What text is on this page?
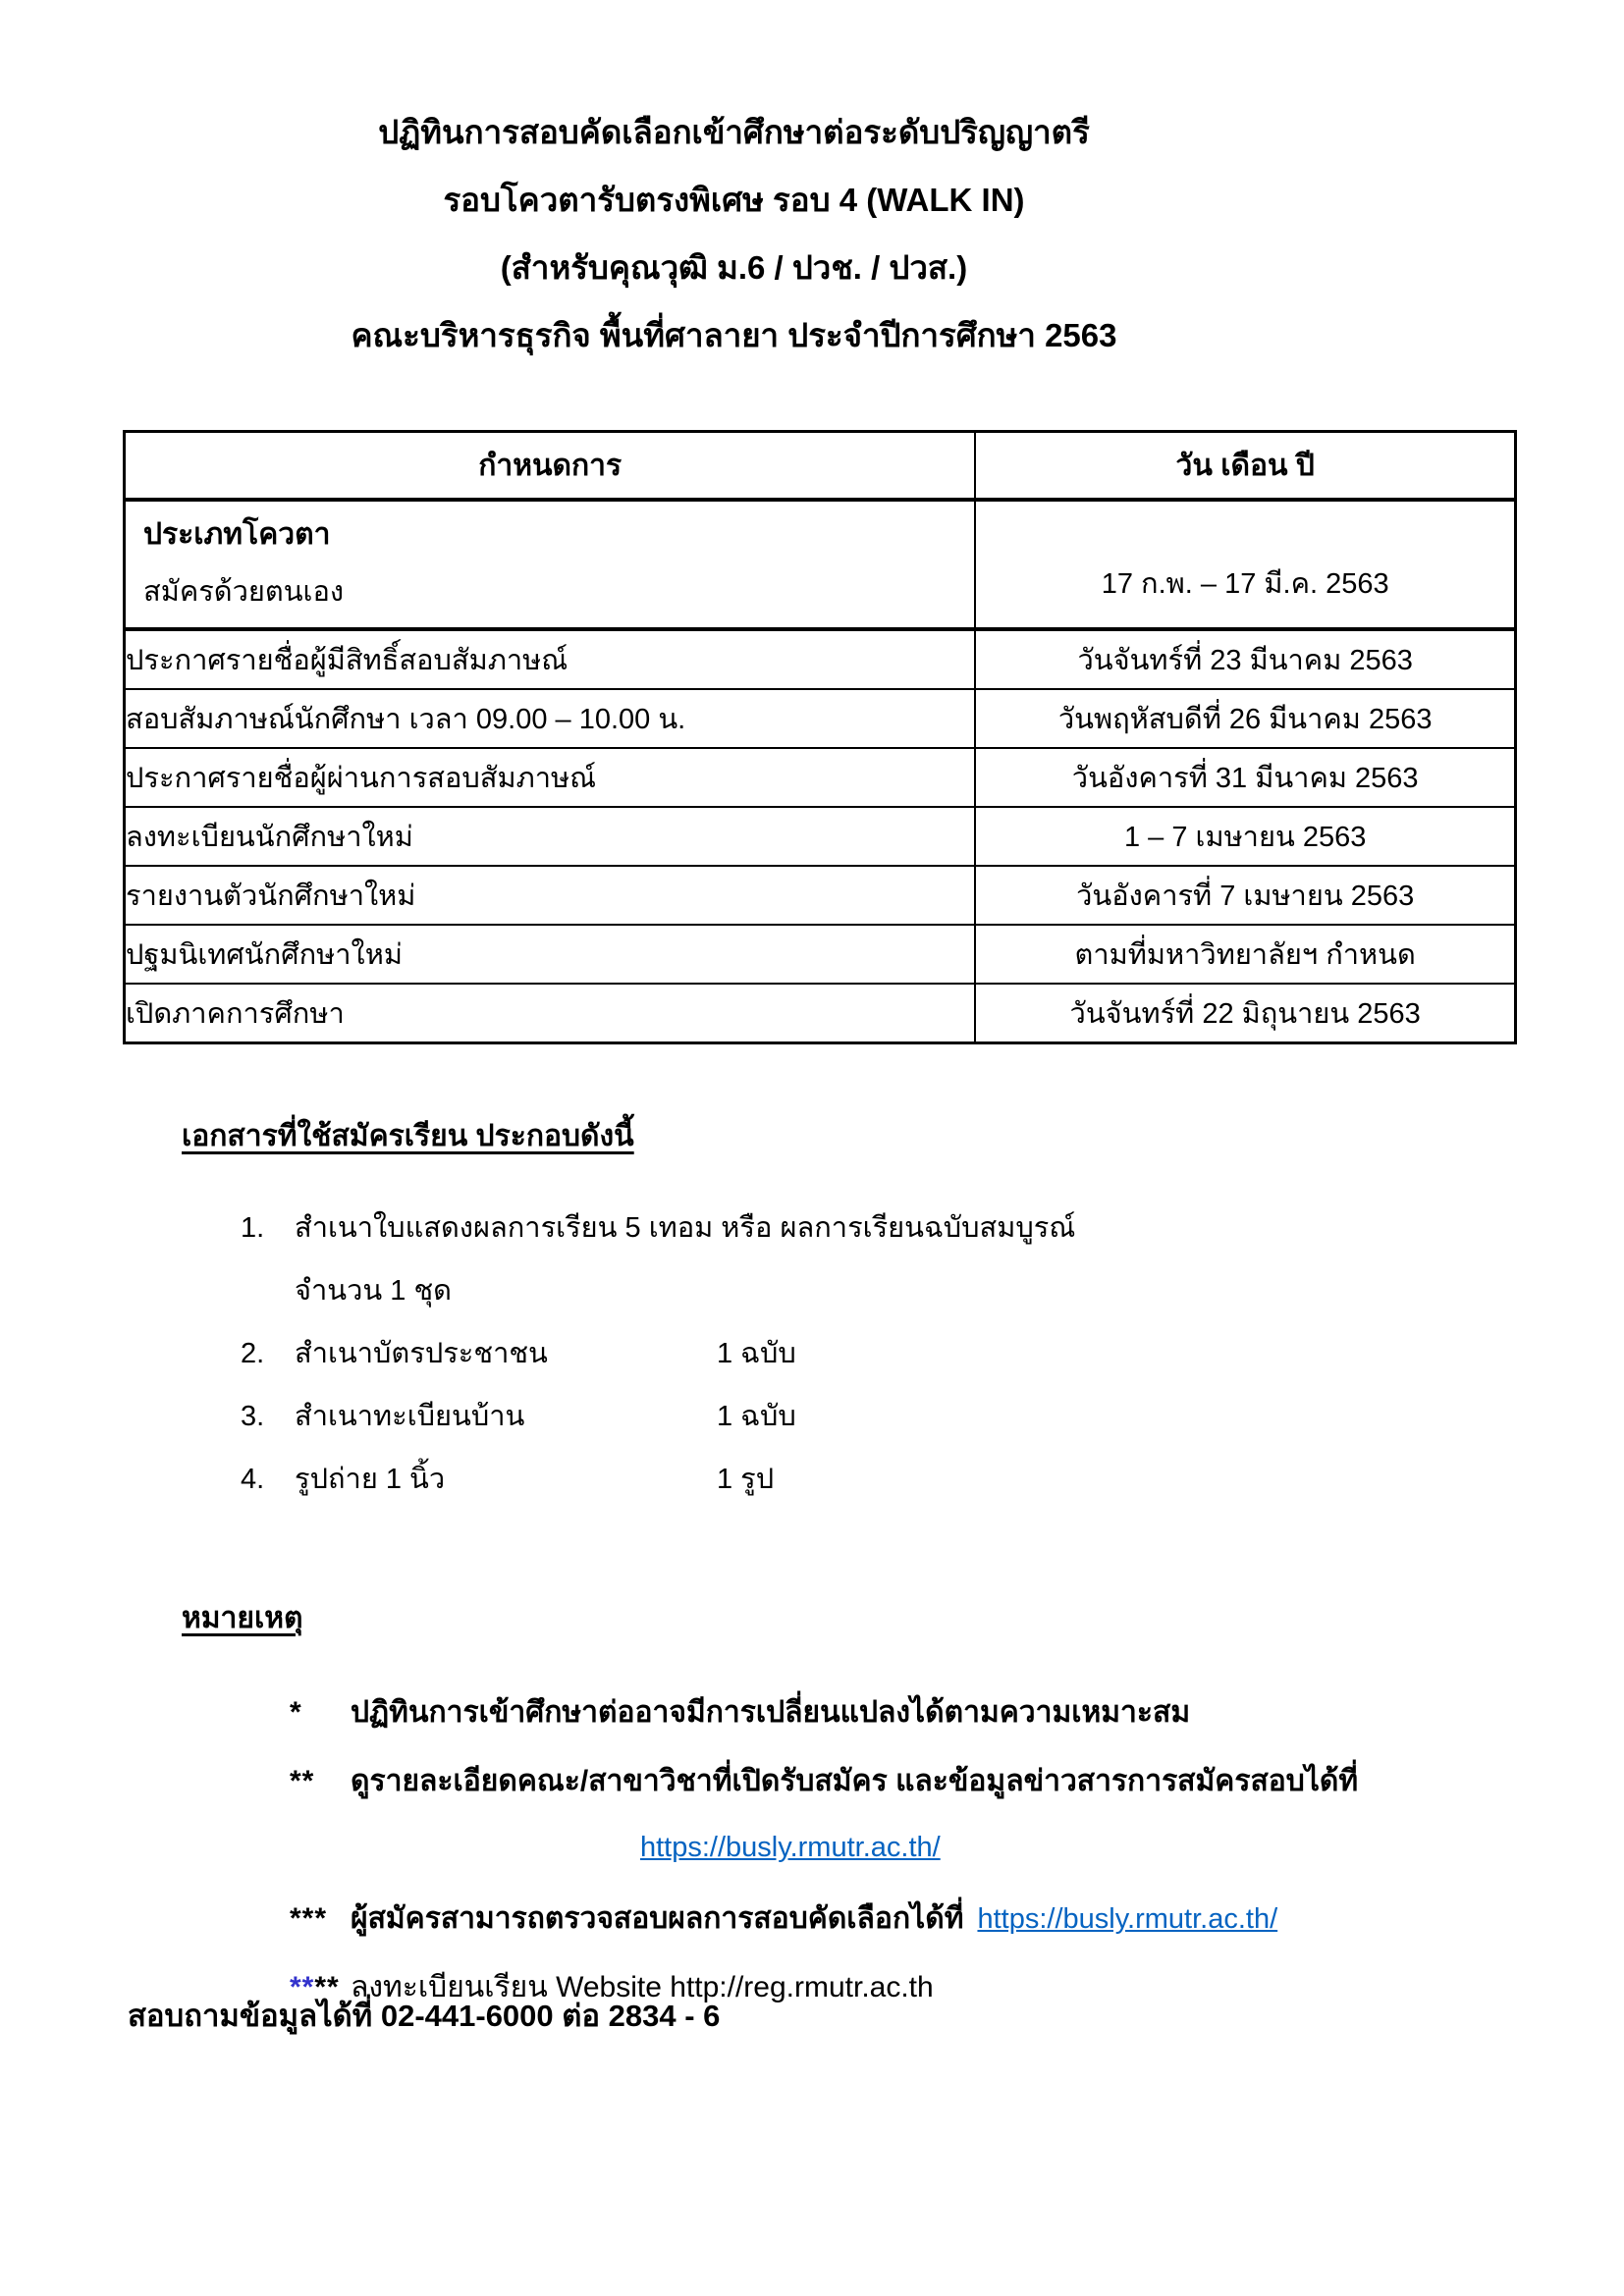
ปฏิทินการสอบคัดเลือกเข้าศึกษาต่อระดับปริญญาตรี
รอบโควตารับตรงพิเศษ รอบ 4 (WALK IN)
(สำหรับคุณวุฒิ ม.6 / ปวช. / ปวส.)
คณะบริหารธุรกิจ พื้นที่ศาลายา ประจำปีการศึกษา 2563
กำหนดการ	วัน เดือน ปี

ประเภทโควตา
สมัครด้วยตนเอง	17 ก.พ. – 17 มี.ค. 2563

ประกาศรายชื่อผู้มีสิทธิ์สอบสัมภาษณ์	วันจันทร์ที่ 23 มีนาคม 2563
สอบสัมภาษณ์นักศึกษา เวลา 09.00 – 10.00 น.	วันพฤหัสบดีที่ 26 มีนาคม 2563
ประกาศรายชื่อผู้ผ่านการสอบสัมภาษณ์	วันอังคารที่ 31 มีนาคม 2563
ลงทะเบียนนักศึกษาใหม่	1 – 7 เมษายน 2563
รายงานตัวนักศึกษาใหม่	วันอังคารที่ 7 เมษายน 2563
ปฐมนิเทศนักศึกษาใหม่	ตามที่มหาวิทยาลัยฯ กำหนด
เปิดภาคการศึกษา	วันจันทร์ที่ 22 มิถุนายน 2563
เอกสารที่ใช้สมัครเรียน ประกอบดังนี้
1.	สำเนาใบแสดงผลการเรียน 5 เทอม หรือ ผลการเรียนฉบับสมบูรณ์
จำนวน 1 ชุด
2.	สำเนาบัตรประชาชน	1 ฉบับ
3.	สำเนาทะเบียนบ้าน	1 ฉบับ
4.	รูปถ่าย 1 นิ้ว	1 รูป
หมายเหตุ
*	ปฏิทินการเข้าศึกษาต่ออาจมีการเปลี่ยนแปลงได้ตามความเหมาะสม
**	ดูรายละเอียดคณะ/สาขาวิชาที่เปิดรับสมัคร และข้อมูลข่าวสารการสมัครสอบได้ที่
https://busly.rmutr.ac.th/
*** ผู้สมัครสามารถตรวจสอบผลการสอบคัดเลือกได้ที่ https://busly.rmutr.ac.th/
**** ลงทะเบียนเรียน Website http://reg.rmutr.ac.th
สอบถามข้อมูลได้ที่ 02-441-6000 ต่อ 2834 - 6
